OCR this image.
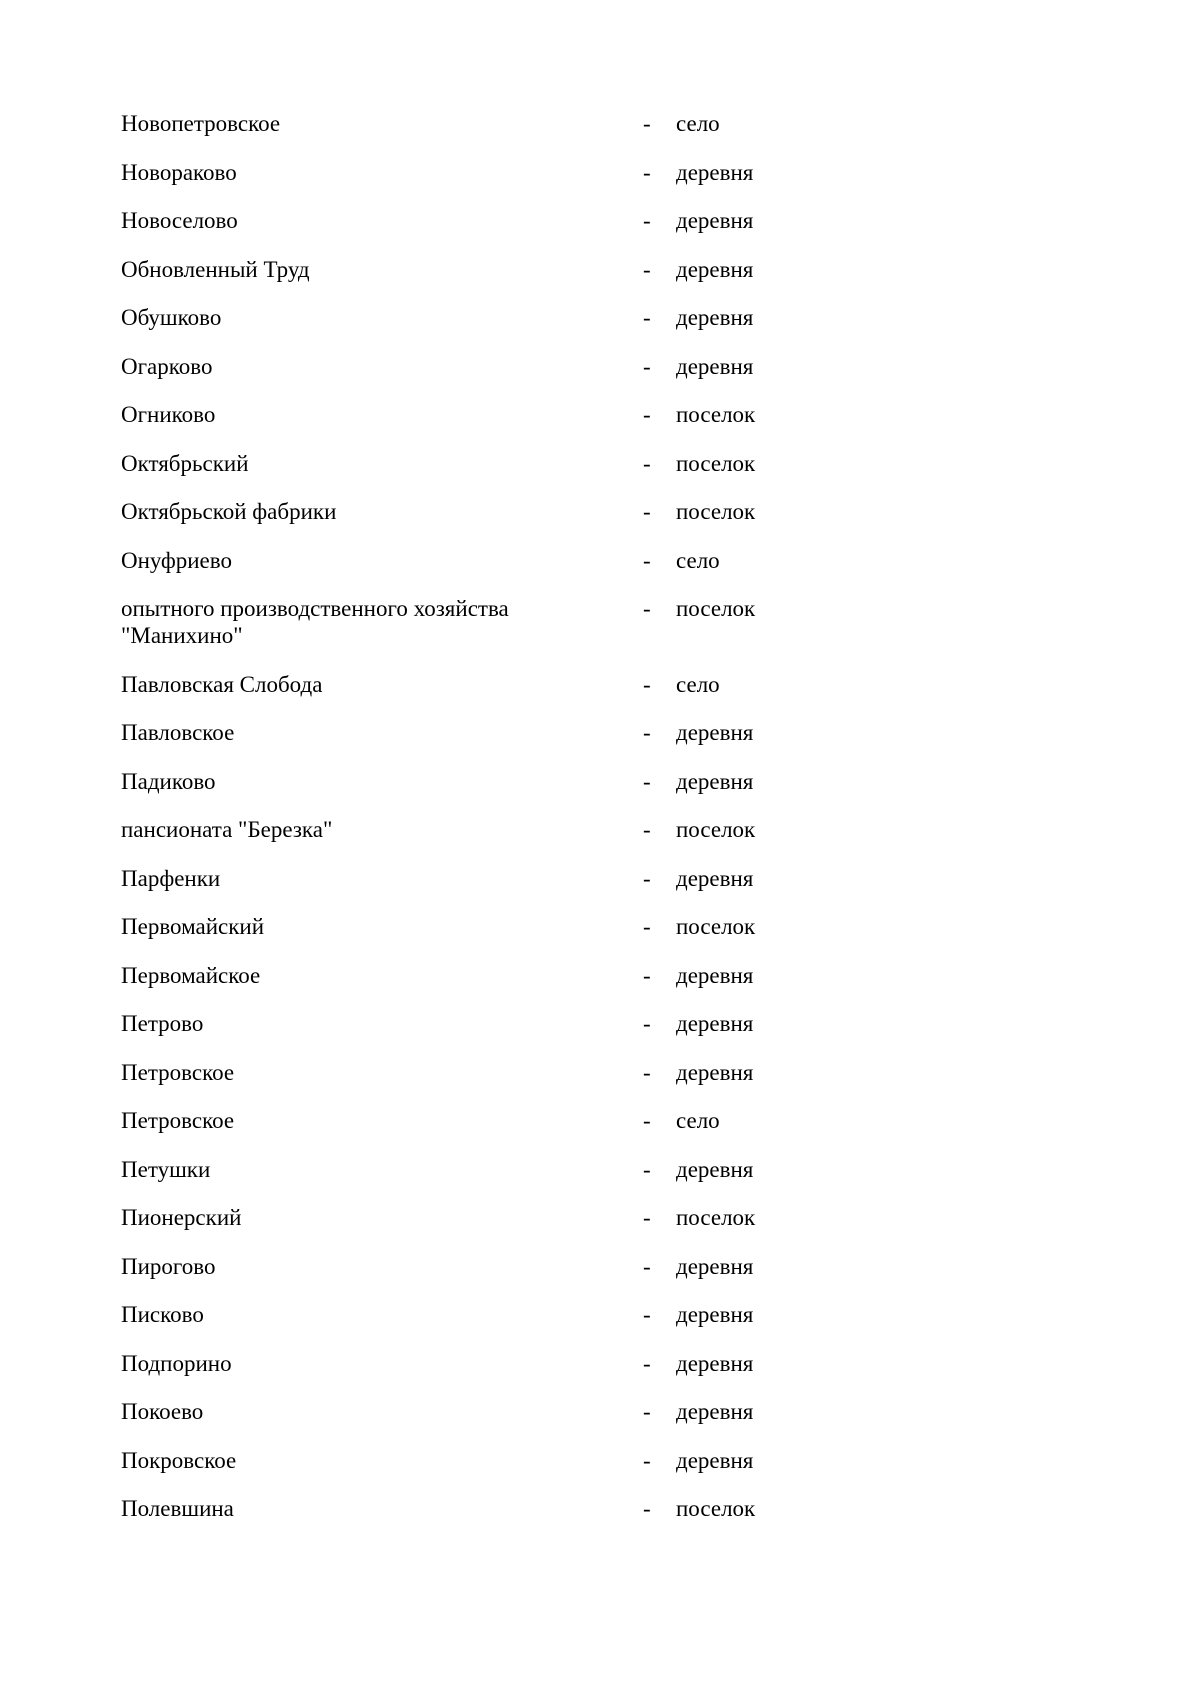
Новопетровское	-	село
Новораково	-	деревня
Новоселово	-	деревня
Обновленный Труд	-	деревня
Обушково	-	деревня
Огарково	-	деревня
Огниково	-	поселок
Октябрьский	-	поселок
Октябрьской фабрики	-	поселок
Онуфриево	-	село
опытного производственного хозяйства
"Манихино"
-	поселок
Павловская Слобода	-	село
Павловское	-	деревня
Падиково	-	деревня
пансионата "Березка"	-	поселок
Парфенки	-	деревня
Первомайский	-	поселок
Первомайское	-	деревня
Петрово	-	деревня
Петровское	-	деревня
Петровское	-	село
Петушки	-	деревня
Пионерский	-	поселок
Пирогово	-	деревня
Писково	-	деревня
Подпорино	-	деревня
Покоево	-	деревня
Покровское	-	деревня
Полевшина	-	поселок
